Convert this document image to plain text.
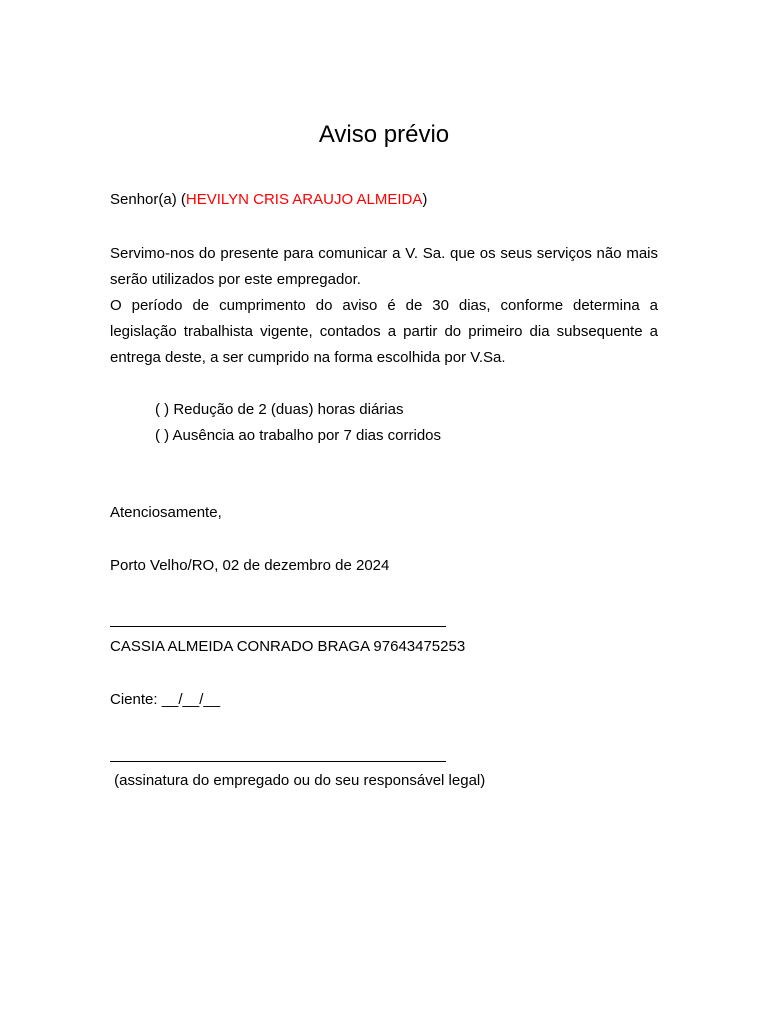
Aviso prévio
Senhor(a) (HEVILYN CRIS ARAUJO ALMEIDA)

Servimo-nos do presente para comunicar a V. Sa. que os seus serviços não mais serão utilizados por este empregador.

O período de cumprimento do aviso é de 30 dias, conforme determina a legislação trabalhista vigente, contados a partir do primeiro dia subsequente a entrega deste, a ser cumprido na forma escolhida por V.Sa.

( ) Redução de 2 (duas) horas diárias
( ) Ausência ao trabalho por 7 dias corridos
Atenciosamente,
Porto Velho/RO, 02 de dezembro de 2024
CASSIA ALMEIDA CONRADO BRAGA 97643475253
Ciente: __/__/__
(assinatura do empregado ou do seu responsável legal)
